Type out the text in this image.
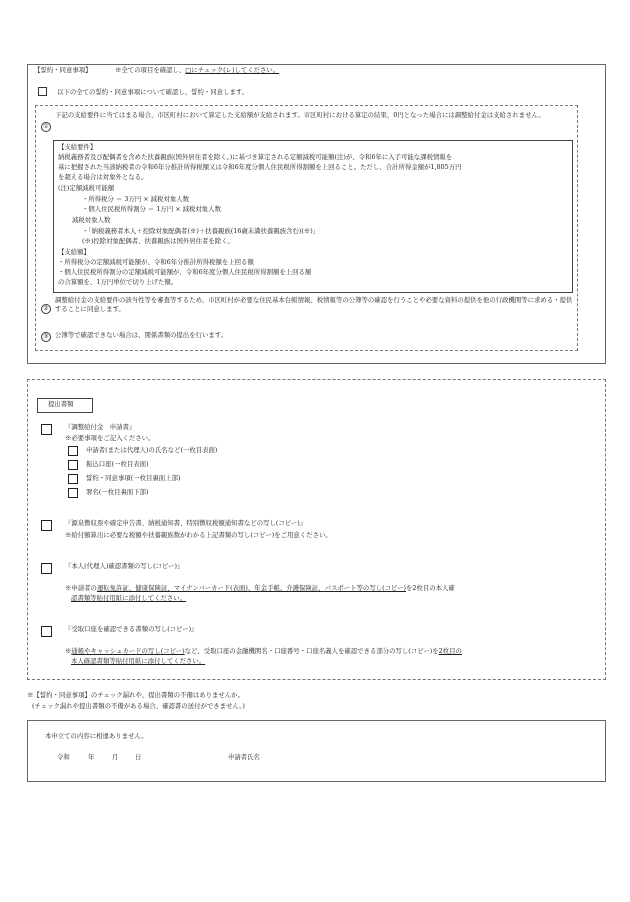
【誓約・同意事項】	※全ての項目を確認し、□にチェック(レ)してください。
以下の全ての誓約・同意事項について確認し、誓約・同意します。
①
下記の支給要件に当てはまる場合、市区町村において算定した支給額が支給されます。市区町村における算定の結果、0円となった場合には調整給付金は支給されません。
【支給要件】
納税義務者及び配偶者を含めた扶養親族(国外居住者を除く。)に基づき算定される定額減税可能額(注)が、令和6年に入手可能な課税情報を
基に把握された当該納税者の令和6年分推計所得税額又は令和6年度分個人住民税所得割額を上回ること。ただし、合計所得金額が1,805万円
を超える場合は対象外となる。
(注)定額減税可能額
・所得税分 ＝ 3万円 × 減税対象人数
・個人住民税所得割分 ＝ 1万円 × 減税対象人数
減税対象人数
・「納税義務者本人＋控除対象配偶者(※)＋扶養親族(16歳未満扶養親族含む)(※)」
(※)控除対象配偶者、扶養親族は国外居住者を除く。
【支給額】
・所得税分の定額減税可能額が、令和6年分推計所得税額を上回る額
・個人住民税所得割分の定額減税可能額が、令和6年度分個人住民税所得割額を上回る額
の合算額を、1万円単位で切り上げた額。
②
調整給付金の支給要件の該当性等を審査等するため、市区町村が必要な住民基本台帳情報、税情報等の公簿等の確認を行うことや必要な資料の提供を他の行政機関等に求める・提供することに同意します。
③ 公簿等で確認できない場合は、関係書類の提出を行います。
提出書類
『調整給付金　申請書』
※必要事項をご記入ください。
申請者(または代理人)の氏名など(一枚目表面)
振込口座(一枚目表面)
誓約・同意事項(一枚目裏面上部)
署名(一枚目裏面下部)
『源泉徴収票や確定申告書、納税通知書、特別徴収税額通知書などの写し(コピー)』
※給付額算出に必要な税額や扶養親族数がわかる上記書類の写し(コピー)をご用意ください。
『本人(代理人)確認書類の写し(コピー)』
※申請者の運転免許証、健康保険証、マイナンバーカード(表面)、年金手帳、介護保険証、パスポート等の写し(コピー)を2枚目の本人確
認書類等貼付用紙に添付してください。
『受取口座を確認できる書類の写し(コピー)』
※通帳やキャッシュカードの写し(コピー)など、受取口座の金融機関名・口座番号・口座名義人を確認できる部分の写し(コピー)を2枚目の
本人確認書類等貼付用紙に添付してください。
※【誓約・同意事項】のチェック漏れや、提出書類の不備はありませんか。
(チェック漏れや提出書類の不備がある場合、確認書の送付ができません。)
本申立ての内容に相違ありません。
令和	年	月	日	申請者氏名
